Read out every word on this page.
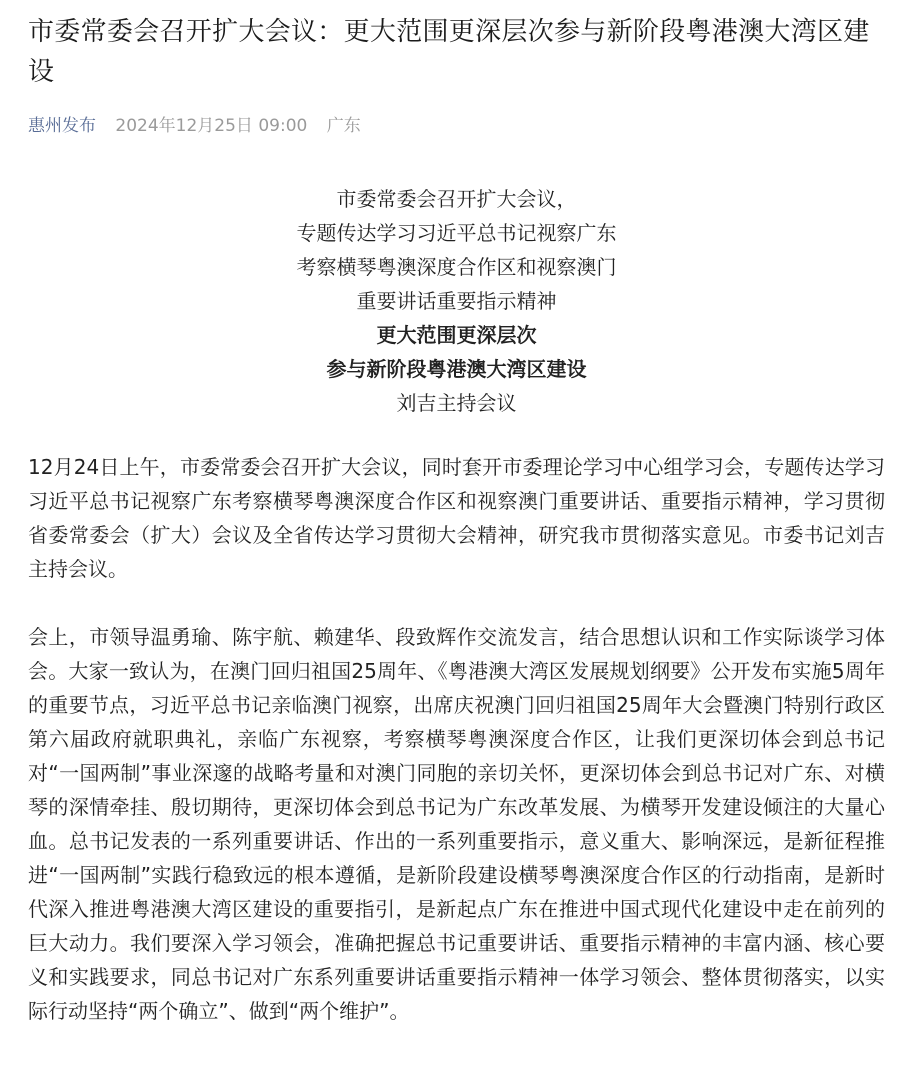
市委常委会召开扩大会议：更大范围更深层次参与新阶段粤港澳大湾区建设
惠州发布 2024年12月25日 09:00 广东
市委常委会召开扩大会议，
专题传达学习习近平总书记视察广东
考察横琴粤澳深度合作区和视察澳门
重要讲话重要指示精神
更大范围更深层次
参与新阶段粤港澳大湾区建设
刘吉主持会议

12月24日上午，市委常委会召开扩大会议，同时套开市委理论学习中心组学习会，专题传达学习习近平总书记视察广东考察横琴粤澳深度合作区和视察澳门重要讲话、重要指示精神，学习贯彻省委常委会（扩大）会议及全省传达学习贯彻大会精神，研究我市贯彻落实意见。市委书记刘吉主持会议。

会上，市领导温勇瑜、陈宇航、赖建华、段致辉作交流发言，结合思想认识和工作实际谈学习体会。大家一致认为，在澳门回归祖国25周年、《粤港澳大湾区发展规划纲要》公开发布实施5周年的重要节点，习近平总书记亲临澳门视察，出席庆祝澳门回归祖国25周年大会暨澳门特别行政区第六届政府就职典礼，亲临广东视察，考察横琴粤澳深度合作区，让我们更深切体会到总书记对“一国两制”事业深邃的战略考量和对澳门同胞的亲切关怀，更深切体会到总书记对广东、对横琴的深情牵挂、殷切期待，更深切体会到总书记为广东改革发展、为横琴开发建设倾注的大量心血。总书记发表的一系列重要讲话、作出的一系列重要指示，意义重大、影响深远，是新征程推进“一国两制”实践行稳致远的根本遵循，是新阶段建设横琴粤澳深度合作区的行动指南，是新时代深入推进粤港澳大湾区建设的重要指引，是新起点广东在推进中国式现代化建设中走在前列的巨大动力。我们要深入学习领会，准确把握总书记重要讲话、重要指示精神的丰富内涵、核心要义和实践要求，同总书记对广东系列重要讲话重要指示精神一体学习领会、整体贯彻落实，以实际行动坚持“两个确立”、做到“两个维护”。
